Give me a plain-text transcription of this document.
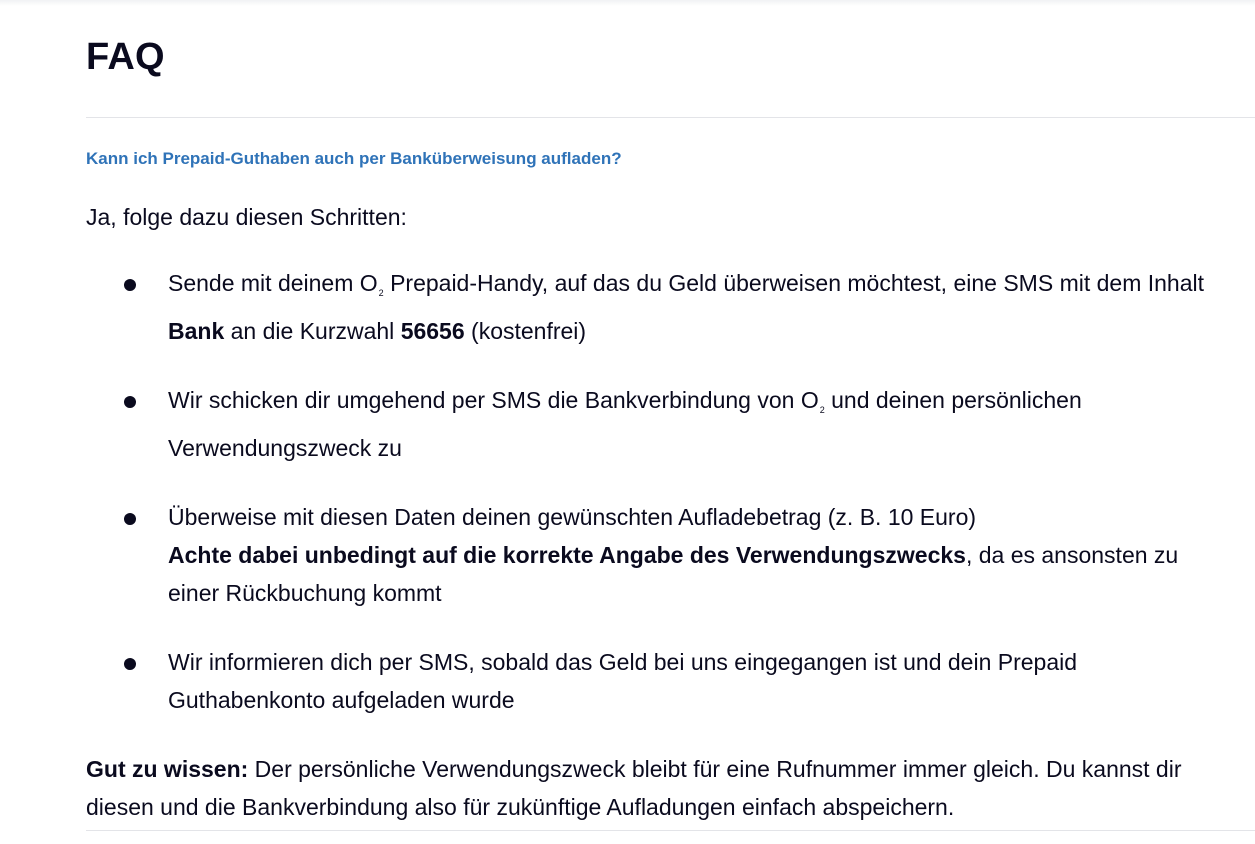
FAQ
Kann ich Prepaid-Guthaben auch per Banküberweisung aufladen?

Ja, folge dazu diesen Schritten:

Sende mit deinem $O_2$ Prepaid-Handy, auf das du Geld überweisen möchtest, eine SMS mit dem Inhalt Bank an die Kurzwahl 56656 (kostenfrei)
Wir schicken dir umgehend per SMS die Bankverbindung von $O_2$ und deinen persönlichen Verwendungszweck zu
Überweise mit diesen Daten deinen gewünschten Aufladebetrag (z. B. 10 Euro)
Achte dabei unbedingt auf die korrekte Angabe des Verwendungszwecks, da es ansonsten zu einer Rückbuchung kommt
Wir informieren dich per SMS, sobald das Geld bei uns eingegangen ist und dein Prepaid Guthabenkonto aufgeladen wurde

Gut zu wissen: Der persönliche Verwendungszweck bleibt für eine Rufnummer immer gleich. Du kannst dir diesen und die Bankverbindung also für zukünftige Aufladungen einfach abspeichern.
